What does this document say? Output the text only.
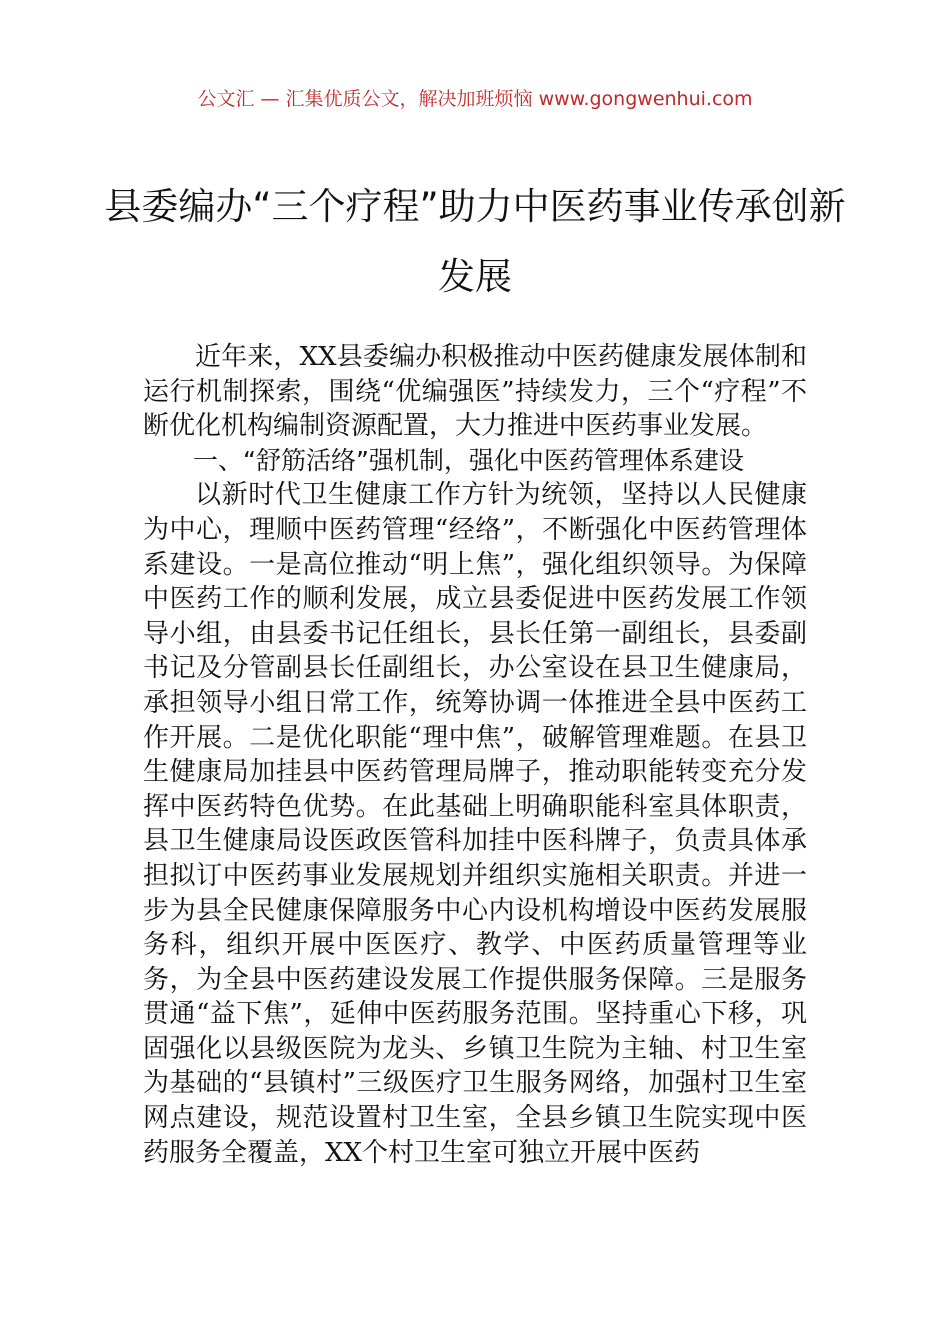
公文汇 — 汇集优质公文，解决加班烦恼 www.gongwenhui.com
县委编办“三个疗程”助力中医药事业传承创新发展

近年来，XX县委编办积极推动中医药健康发展体制和运行机制探索，围绕“优编强医”持续发力，三个“疗程”不断优化机构编制资源配置，大力推进中医药事业发展。

一、“舒筋活络”强机制，强化中医药管理体系建设

以新时代卫生健康工作方针为统领，坚持以人民健康为中心，理顺中医药管理“经络”，不断强化中医药管理体系建设。一是高位推动“明上焦”，强化组织领导。为保障中医药工作的顺利发展，成立县委促进中医药发展工作领导小组，由县委书记任组长，县长任第一副组长，县委副书记及分管副县长任副组长，办公室设在县卫生健康局，承担领导小组日常工作，统筹协调一体推进全县中医药工作开展。二是优化职能“理中焦”，破解管理难题。在县卫生健康局加挂县中医药管理局牌子，推动职能转变充分发挥中医药特色优势。在此基础上明确职能科室具体职责，县卫生健康局设医政医管科加挂中医科牌子，负责具体承担拟订中医药事业发展规划并组织实施相关职责。并进一步为县全民健康保障服务中心内设机构增设中医药发展服务科，组织开展中医医疗、教学、中医药质量管理等业务，为全县中医药建设发展工作提供服务保障。三是服务贯通“益下焦”，延伸中医药服务范围。坚持重心下移，巩固强化以县级医院为龙头、乡镇卫生院为主轴、村卫生室为基础的“县镇村”三级医疗卫生服务网络，加强村卫生室网点建设，规范设置村卫生室，全县乡镇卫生院实现中医药服务全覆盖，XX个村卫生室可独立开展中医药
